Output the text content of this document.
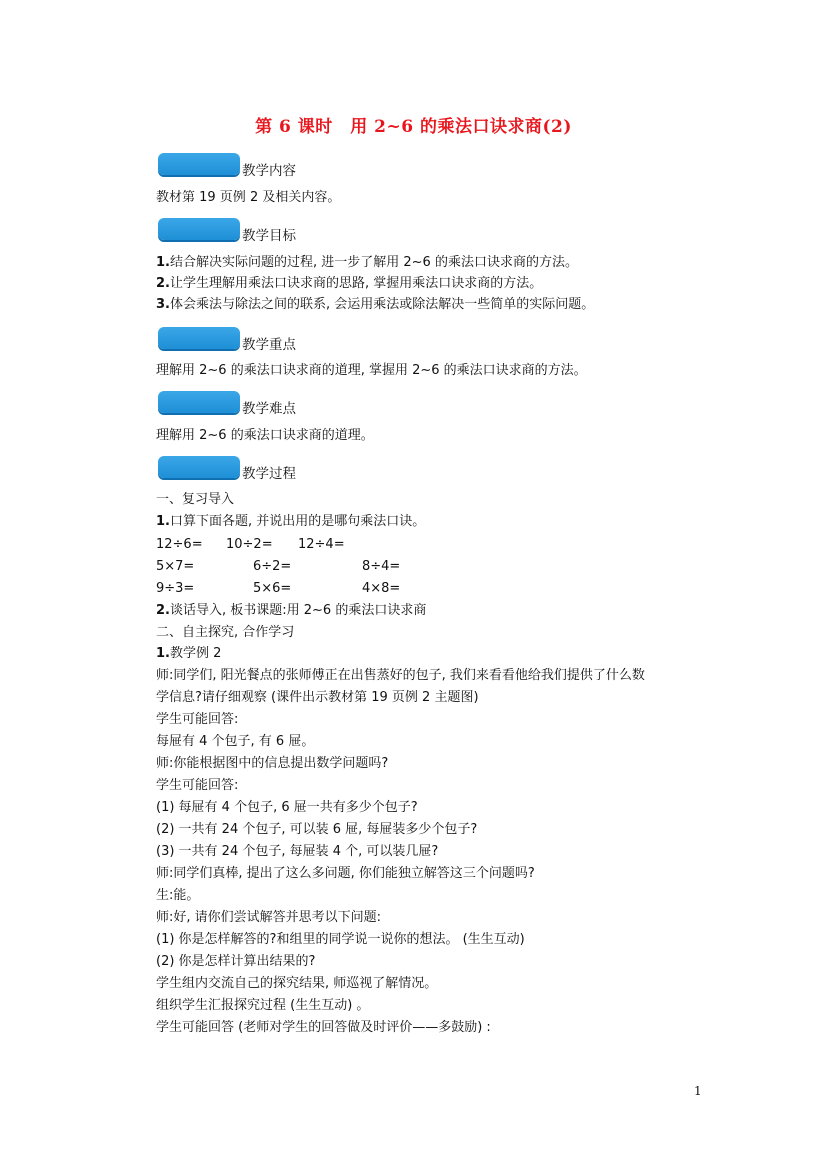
第 6 课时　用 2~6 的乘法口诀求商(2)
教学内容
教材第 19 页例 2 及相关内容。
教学目标
1.结合解决实际问题的过程, 进一步了解用 2~6 的乘法口诀求商的方法。
2.让学生理解用乘法口诀求商的思路, 掌握用乘法口诀求商的方法。
3.体会乘法与除法之间的联系, 会运用乘法或除法解决一些简单的实际问题。
教学重点
理解用 2~6 的乘法口诀求商的道理, 掌握用 2~6 的乘法口诀求商的方法。
教学难点
理解用 2~6 的乘法口诀求商的道理。
教学过程
一、复习导入
1.口算下面各题, 并说出用的是哪句乘法口诀。
12÷6= 10÷2= 12÷4=
5×7=	6÷2=	8÷4=
9÷3=	5×6=	4×8=
2.谈话导入, 板书课题:用 2~6 的乘法口诀求商
二、自主探究, 合作学习
1.教学例 2
师:同学们, 阳光餐点的张师傅正在出售蒸好的包子, 我们来看看他给我们提供了什么数
学信息?请仔细观察 (课件出示教材第 19 页例 2 主题图)
学生可能回答:
每屉有 4 个包子, 有 6 屉。
师:你能根据图中的信息提出数学问题吗?
学生可能回答:
(1) 每屉有 4 个包子, 6 屉一共有多少个包子?
(2) 一共有 24 个包子, 可以装 6 屉, 每屉装多少个包子?
(3) 一共有 24 个包子, 每屉装 4 个, 可以装几屉?
师:同学们真棒, 提出了这么多问题, 你们能独立解答这三个问题吗?
生:能。
师:好, 请你们尝试解答并思考以下问题:
(1) 你是怎样解答的?和组里的同学说一说你的想法。 (生生互动)
(2) 你是怎样计算出结果的?
学生组内交流自己的探究结果, 师巡视了解情况。
组织学生汇报探究过程 (生生互动) 。
学生可能回答 (老师对学生的回答做及时评价——多鼓励) :
1
